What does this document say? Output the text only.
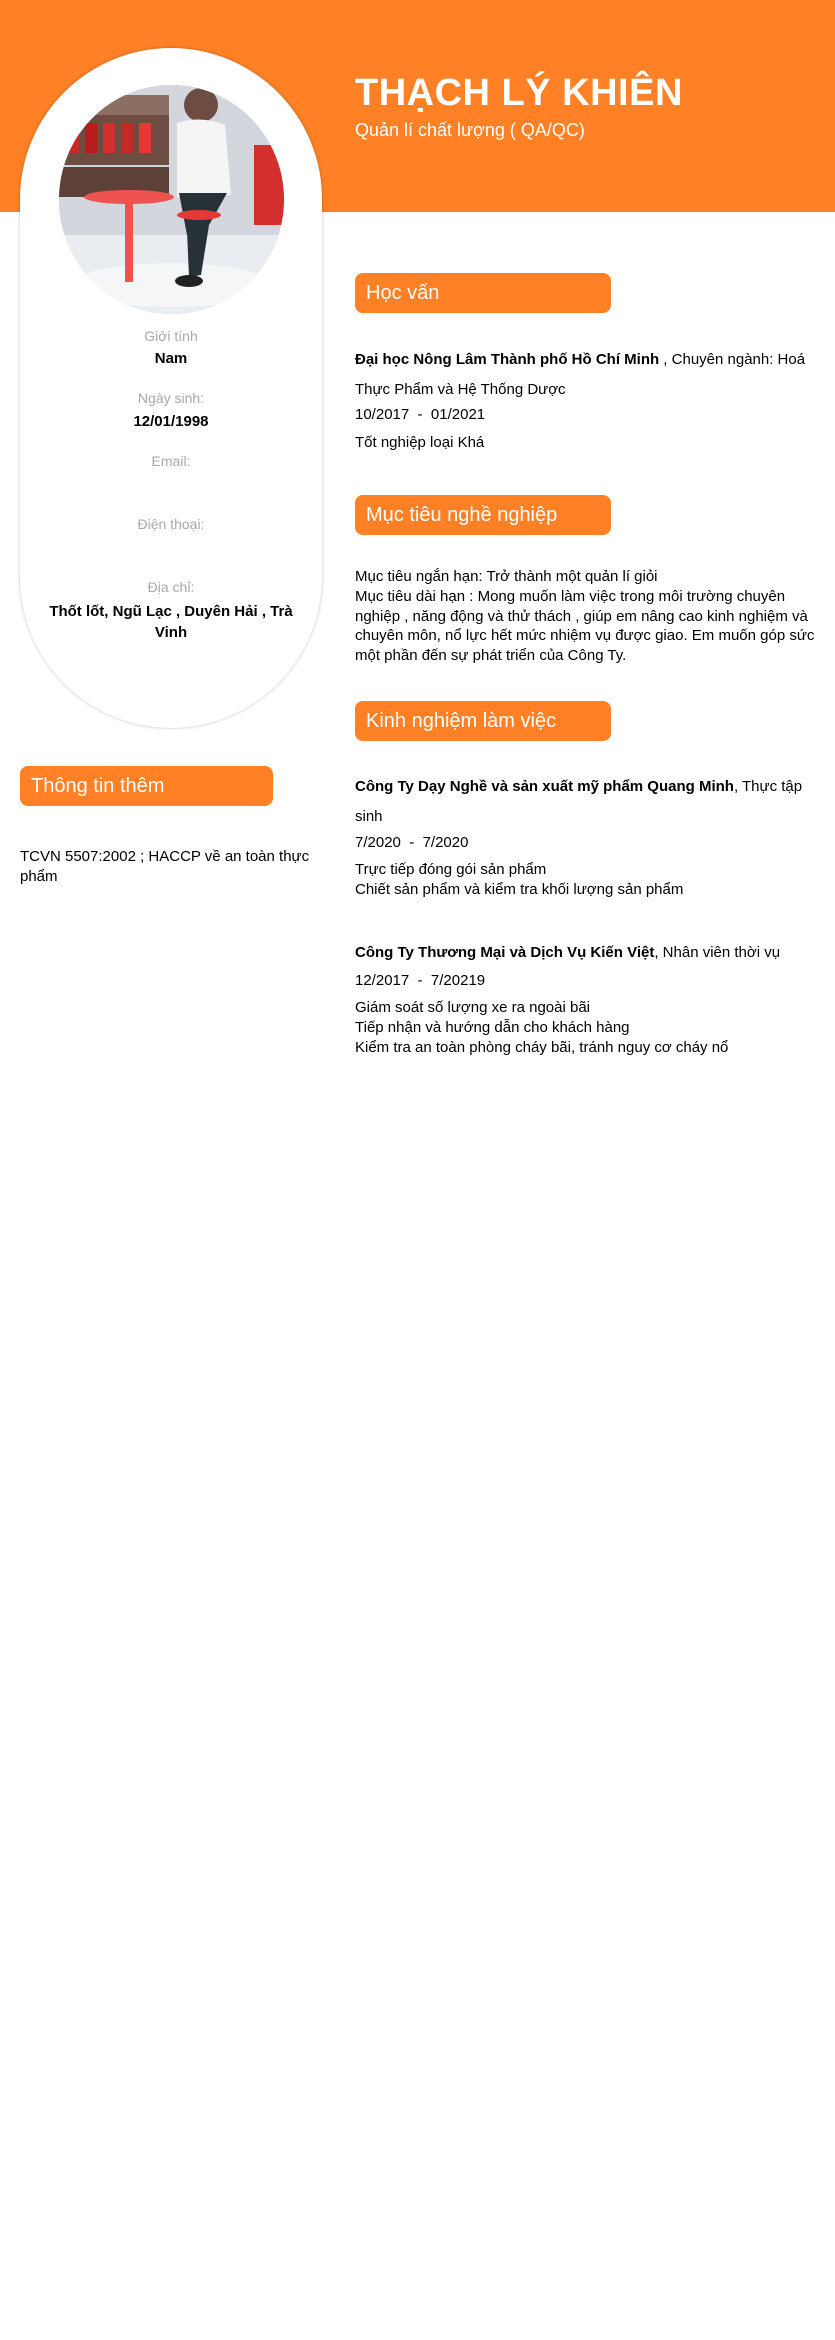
THẠCH LÝ KHIÊN
Quản lí chất lượng ( QA/QC)
Giới tính
Nam
Ngày sinh:
12/01/1998
Email:
Điện thoại:
Địa chỉ:
Thốt lốt, Ngũ Lạc , Duyên Hải , Trà Vinh
Thông tin thêm
TCVN 5507:2002 ; HACCP về an toàn thực phẩm
Học vấn
Đại học Nông Lâm Thành phố Hồ Chí Minh , Chuyên ngành: Hoá Thực Phẩm và Hệ Thống Dược
10/2017 - 01/2021
Tốt nghiệp loại Khá
Mục tiêu nghề nghiệp
Mục tiêu ngắn hạn: Trở thành một quản lí giỏi
Mục tiêu dài hạn : Mong muốn làm việc trong môi trường chuyên nghiệp , năng động và thử thách , giúp em nâng cao kinh nghiệm và chuyên môn, nổ lực hết mức nhiệm vụ được giao. Em muốn góp sức một phần đến sự phát triển của Công Ty.
Kinh nghiệm làm việc
Công Ty Dạy Nghề và sản xuất mỹ phẩm Quang Minh, Thực tập sinh
7/2020 - 7/2020
Trực tiếp đóng gói sản phẩm
Chiết sản phẩm và kiểm tra khối lượng sản phẩm
Công Ty Thương Mại và Dịch Vụ Kiến Việt, Nhân viên thời vụ
12/2017 - 7/20219
Giám soát số lượng xe ra ngoài bãi
Tiếp nhận và hướng dẫn cho khách hàng
Kiểm tra an toàn phòng cháy bãi, tránh nguy cơ cháy nổ
